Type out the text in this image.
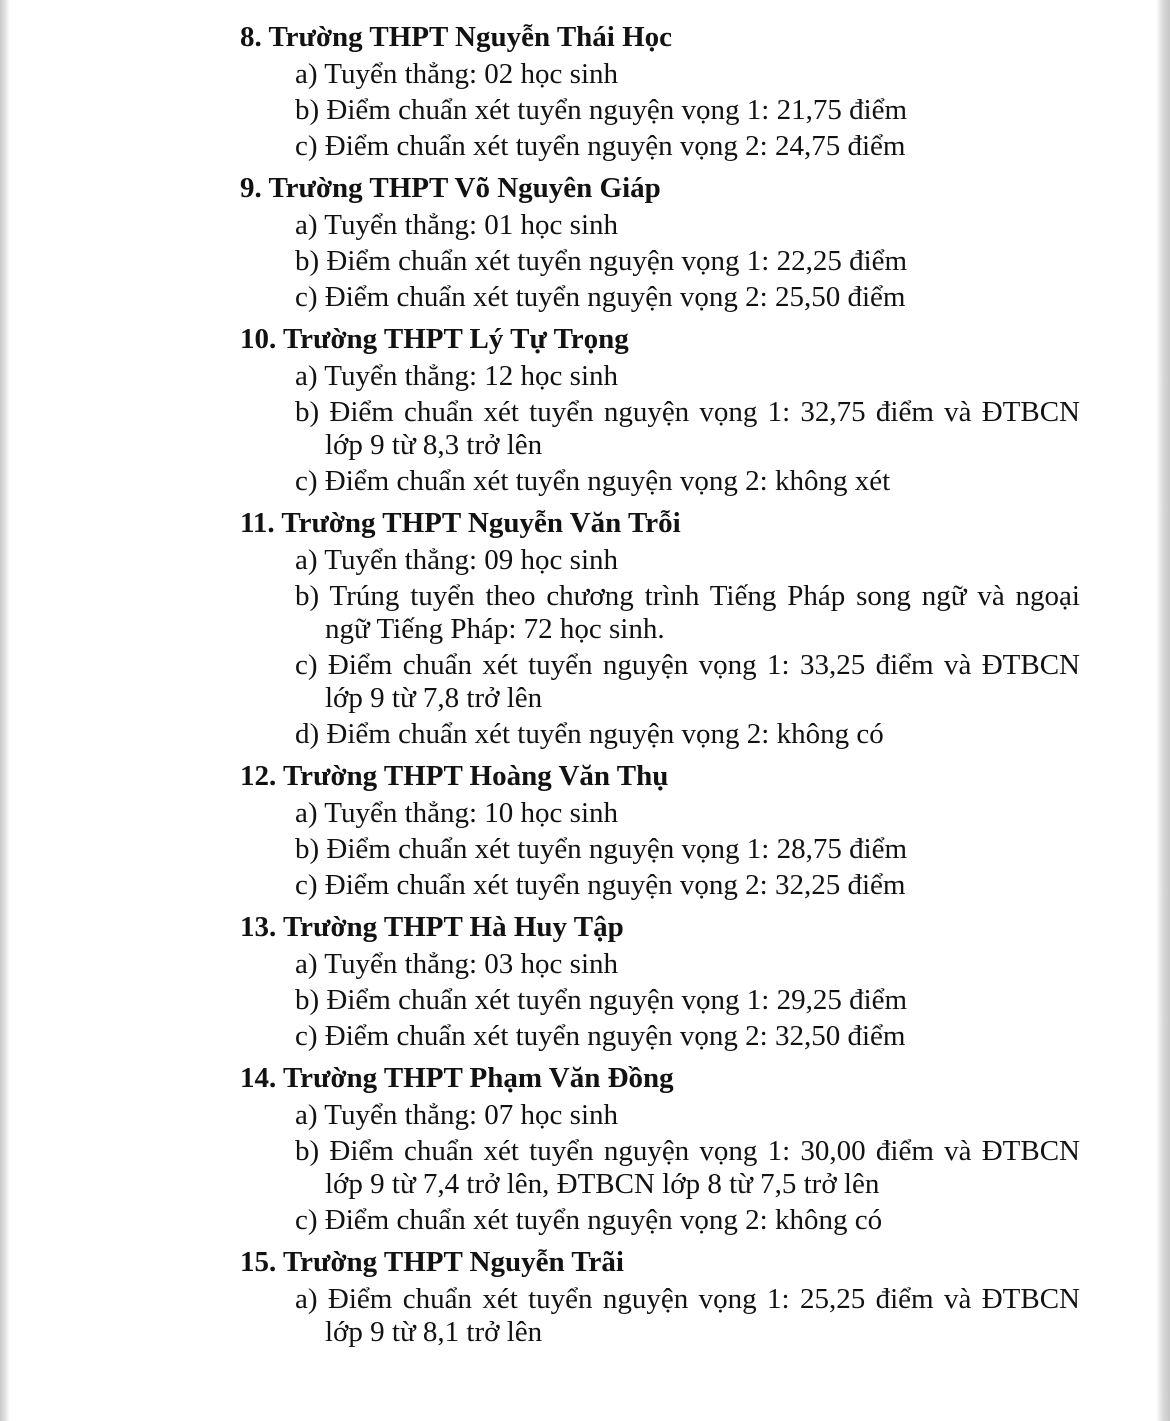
8. Trường THPT Nguyễn Thái Học

a) Tuyển thẳng: 02 học sinh

b) Điểm chuẩn xét tuyển nguyện vọng 1: 21,75 điểm

c) Điểm chuẩn xét tuyển nguyện vọng 2: 24,75 điểm

9. Trường THPT Võ Nguyên Giáp

a) Tuyển thẳng: 01 học sinh

b) Điểm chuẩn xét tuyển nguyện vọng 1: 22,25 điểm

c) Điểm chuẩn xét tuyển nguyện vọng 2: 25,50 điểm

10. Trường THPT Lý Tự Trọng

a) Tuyển thẳng: 12 học sinh

b) Điểm chuẩn xét tuyển nguyện vọng 1: 32,75 điểm và ĐTBCN lớp 9 từ 8,3 trở lên

c) Điểm chuẩn xét tuyển nguyện vọng 2: không xét

11. Trường THPT Nguyễn Văn Trỗi

a) Tuyển thẳng: 09 học sinh

b) Trúng tuyển theo chương trình Tiếng Pháp song ngữ và ngoại ngữ Tiếng Pháp: 72 học sinh.

c) Điểm chuẩn xét tuyển nguyện vọng 1: 33,25 điểm và ĐTBCN lớp 9 từ 7,8 trở lên

d) Điểm chuẩn xét tuyển nguyện vọng 2: không có

12. Trường THPT Hoàng Văn Thụ

a) Tuyển thẳng: 10 học sinh

b) Điểm chuẩn xét tuyển nguyện vọng 1: 28,75 điểm

c) Điểm chuẩn xét tuyển nguyện vọng 2: 32,25 điểm

13. Trường THPT Hà Huy Tập

a) Tuyển thẳng: 03 học sinh

b) Điểm chuẩn xét tuyển nguyện vọng 1: 29,25 điểm

c) Điểm chuẩn xét tuyển nguyện vọng 2: 32,50 điểm

14. Trường THPT Phạm Văn Đồng

a) Tuyển thẳng: 07 học sinh

b) Điểm chuẩn xét tuyển nguyện vọng 1: 30,00 điểm và ĐTBCN lớp 9 từ 7,4 trở lên, ĐTBCN lớp 8 từ 7,5 trở lên

c) Điểm chuẩn xét tuyển nguyện vọng 2: không có

15. Trường THPT Nguyễn Trãi

a) Điểm chuẩn xét tuyển nguyện vọng 1: 25,25 điểm và ĐTBCN lớp 9 từ 8,1 trở lên
